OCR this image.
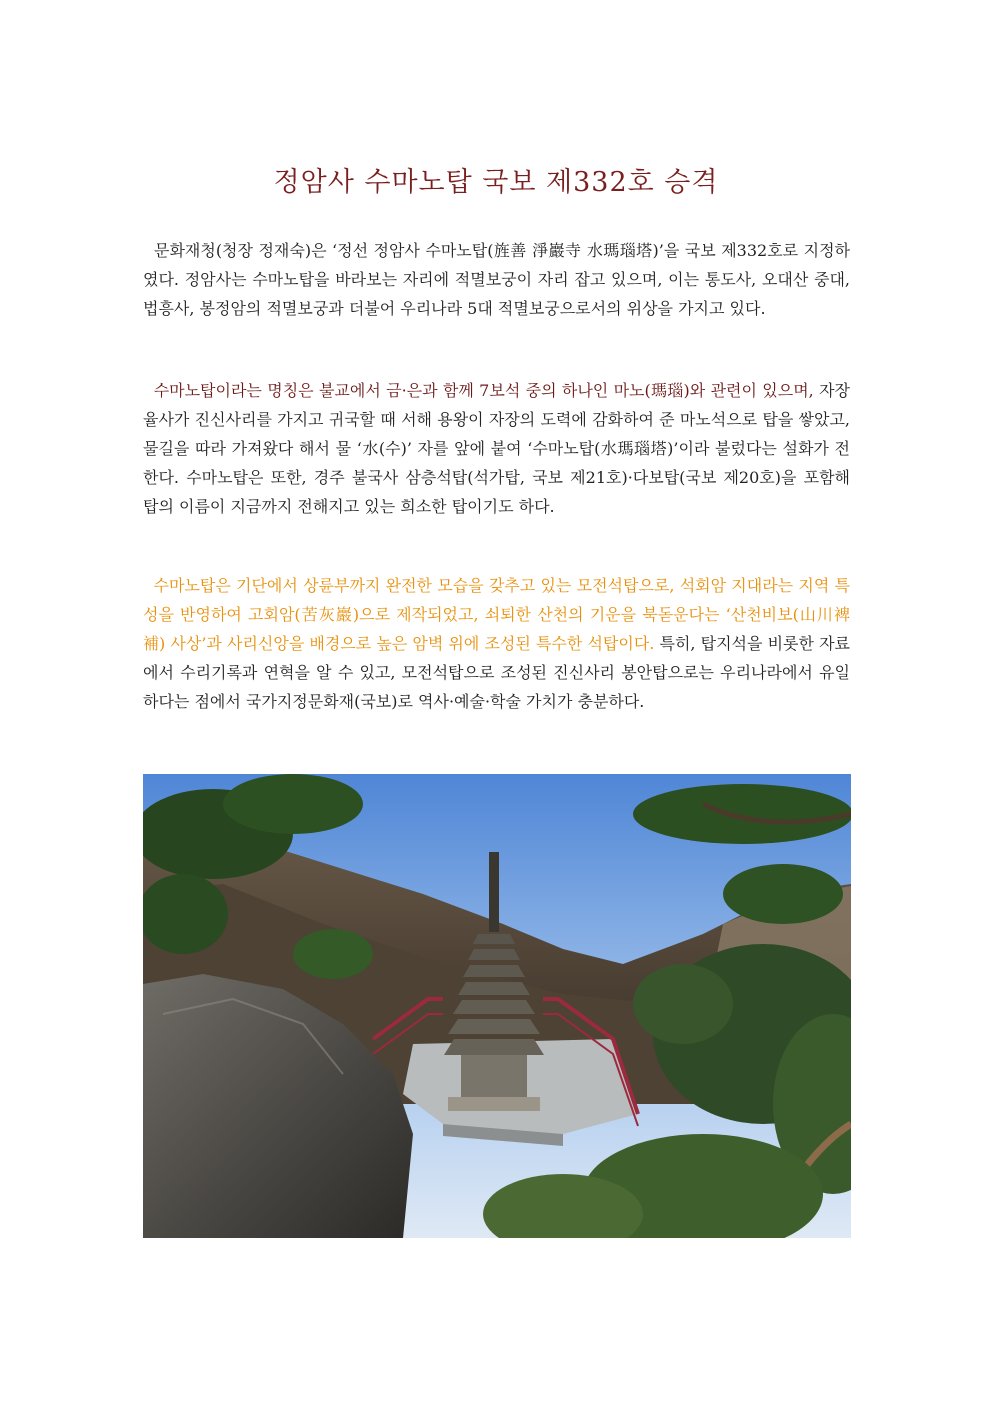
정암사 수마노탑 국보 제332호 승격

문화재청(청장 정재숙)은 ‘정선 정암사 수마노탑(旌善 淨巖寺 水瑪瑙塔)’을 국보 제332호로 지정하였다. 정암사는 수마노탑을 바라보는 자리에 적멸보궁이 자리 잡고 있으며, 이는 통도사, 오대산 중대, 법흥사, 봉정암의 적멸보궁과 더불어 우리나라 5대 적멸보궁으로서의 위상을 가지고 있다.

수마노탑이라는 명칭은 불교에서 금·은과 함께 7보석 중의 하나인 마노(瑪瑙)와 관련이 있으며, 자장율사가 진신사리를 가지고 귀국할 때 서해 용왕이 자장의 도력에 감화하여 준 마노석으로 탑을 쌓았고, 물길을 따라 가져왔다 해서 물 ‘水(수)’ 자를 앞에 붙여 ‘수마노탑(水瑪瑙塔)’이라 불렀다는 설화가 전한다. 수마노탑은 또한, 경주 불국사 삼층석탑(석가탑, 국보 제21호)·다보탑(국보 제20호)을 포함해 탑의 이름이 지금까지 전해지고 있는 희소한 탑이기도 하다.

수마노탑은 기단에서 상륜부까지 완전한 모습을 갖추고 있는 모전석탑으로, 석회암 지대라는 지역 특성을 반영하여 고회암(苦灰巖)으로 제작되었고, 쇠퇴한 산천의 기운을 북돋운다는 ‘산천비보(山川裨補) 사상’과 사리신앙을 배경으로 높은 암벽 위에 조성된 특수한 석탑이다. 특히, 탑지석을 비롯한 자료에서 수리기록과 연혁을 알 수 있고, 모전석탑으로 조성된 진신사리 봉안탑으로는 우리나라에서 유일하다는 점에서 국가지정문화재(국보)로 역사·예술·학술 가치가 충분하다.
